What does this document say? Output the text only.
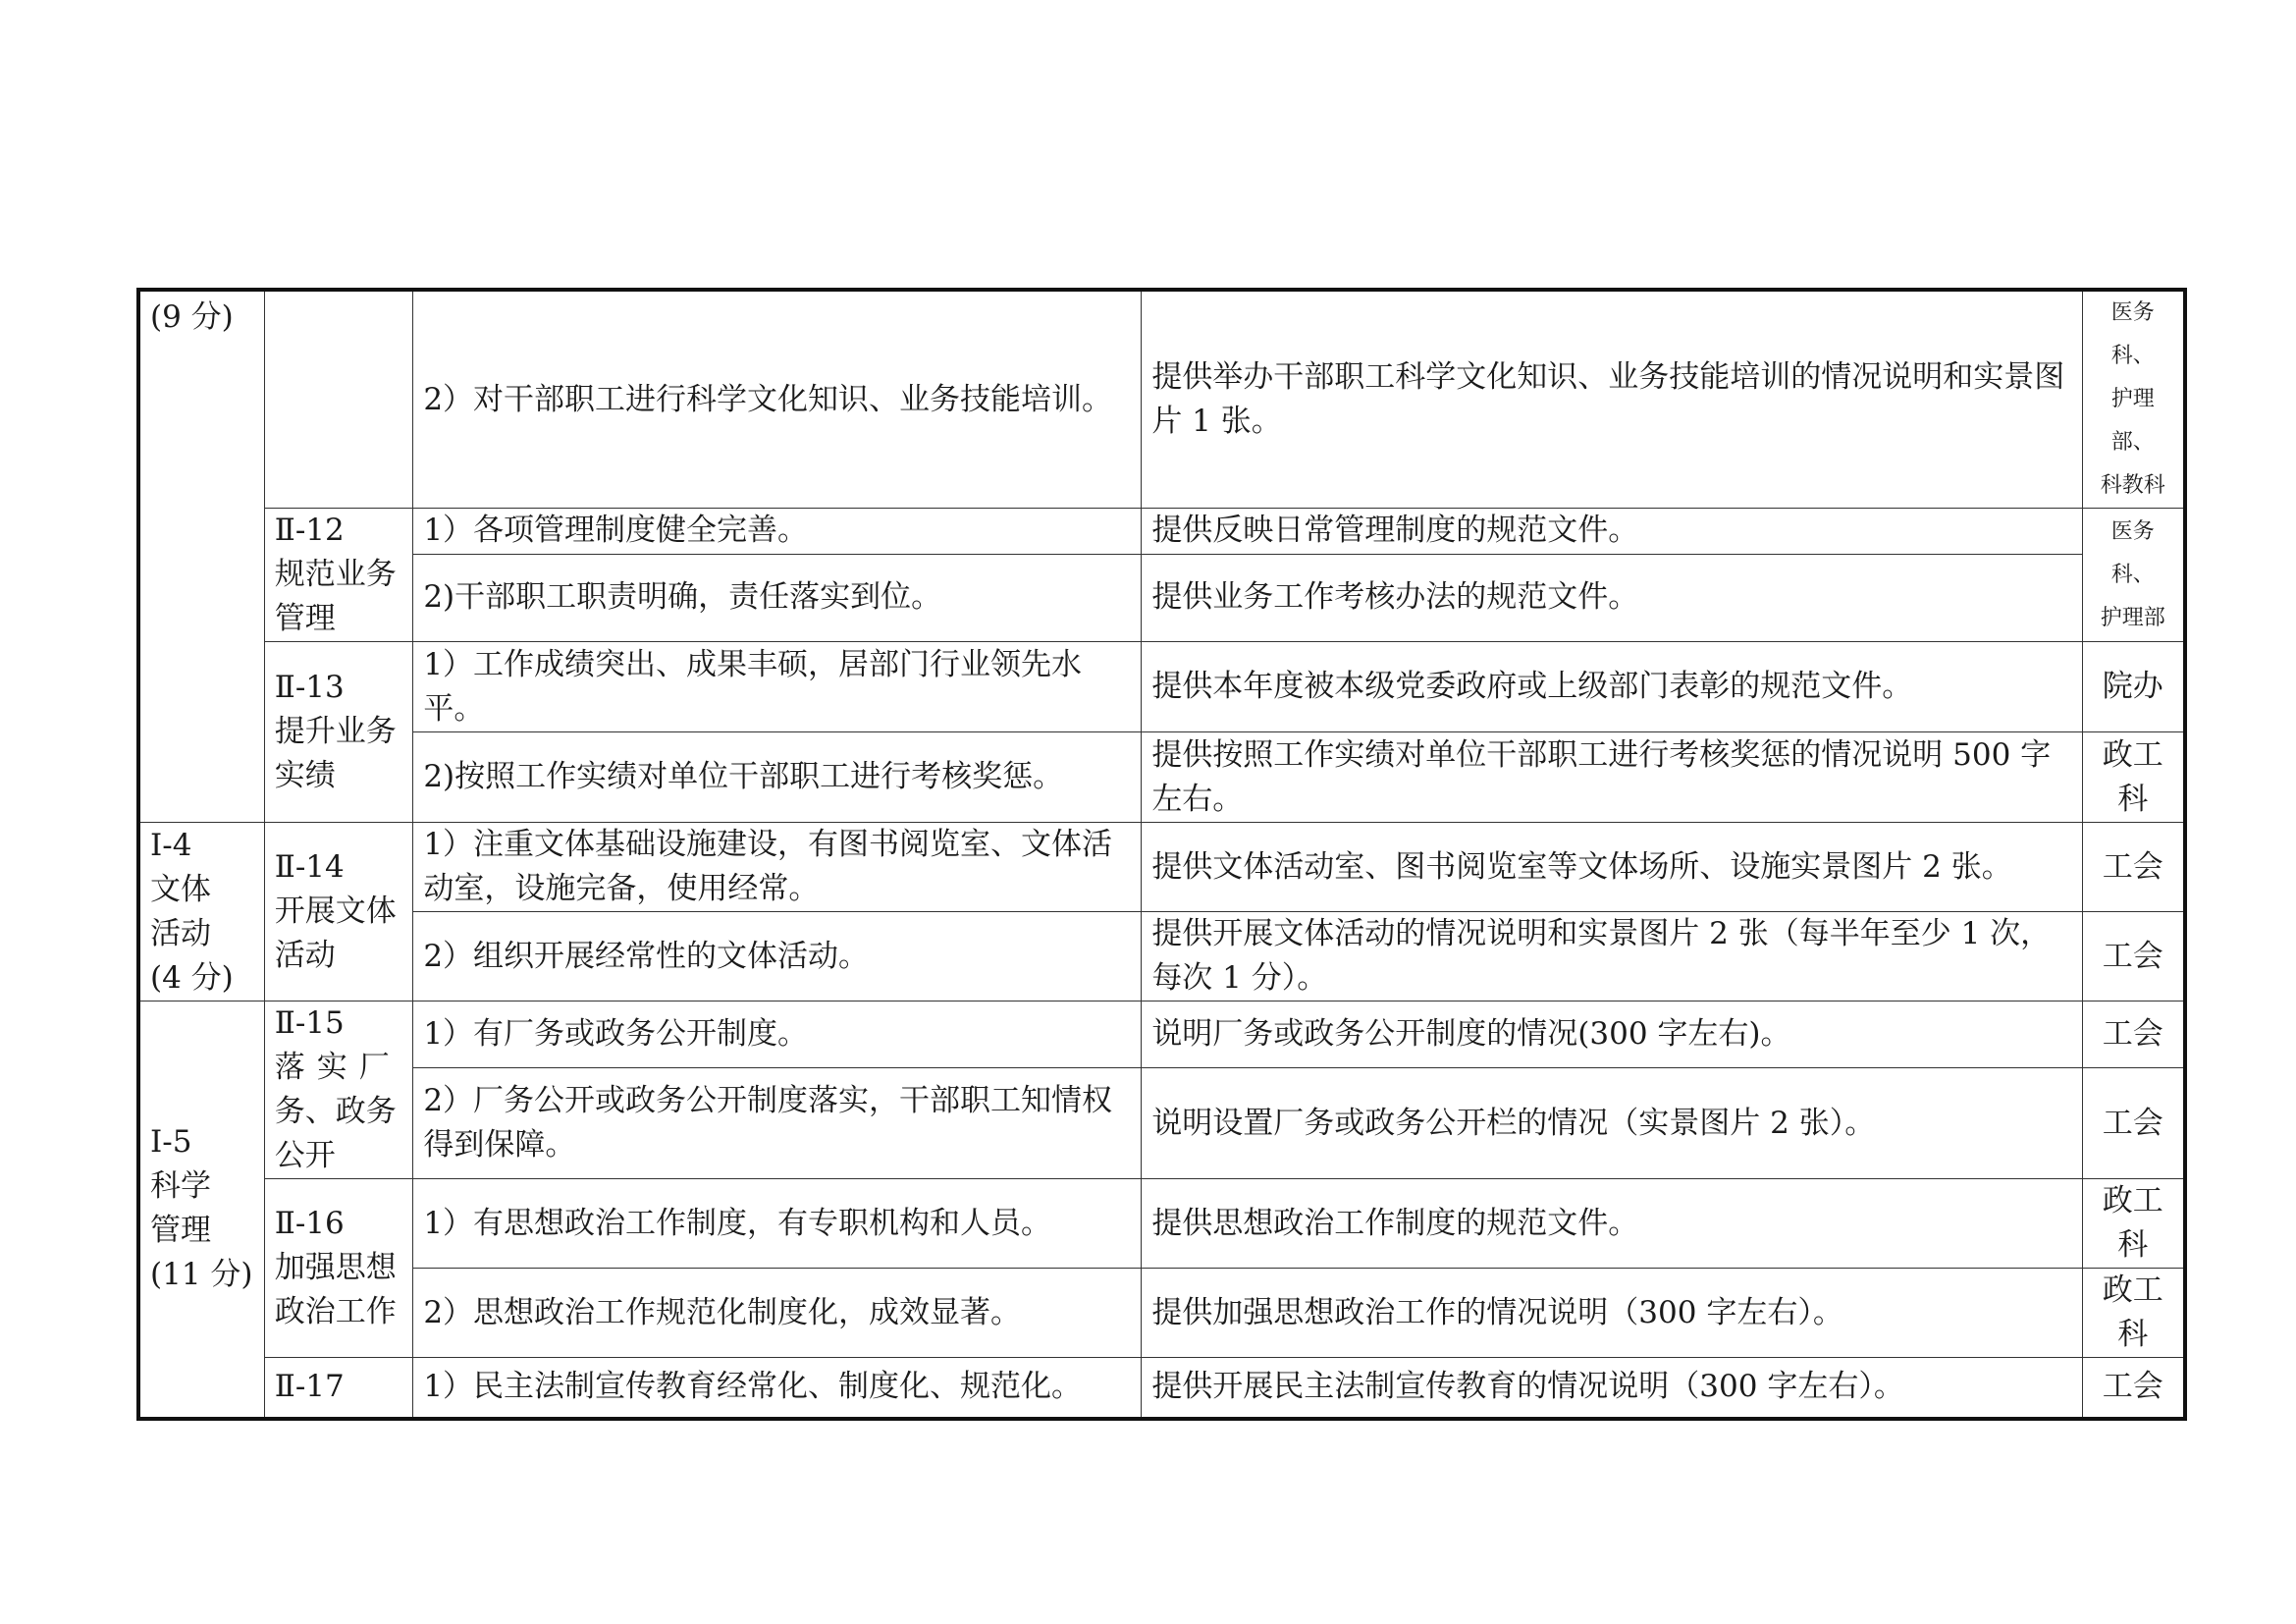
(9 分)		2）对干部职工进行科学文化知识、业务技能培训。	提供举办干部职工科学文化知识、业务技能培训的情况说明和实景图片 1 张。	医务科、
护理部、
科教科

	Ⅱ-12
规范业务
管理	1）各项管理制度健全完善。	提供反映日常管理制度的规范文件。	医务科、
护理部

		2)干部职工职责明确，责任落实到位。	提供业务工作考核办法的规范文件。	

	Ⅱ-13
提升业务
实绩	1）工作成绩突出、成果丰硕，居部门行业领先水平。	提供本年度被本级党委政府或上级部门表彰的规范文件。	院办

		2)按照工作实绩对单位干部职工进行考核奖惩。	提供按照工作实绩对单位干部职工进行考核奖惩的情况说明 500 字左右。	政工
科

Ⅰ-4
文体
活动
(4 分)	Ⅱ-14
开展文体
活动	1）注重文体基础设施建设，有图书阅览室、文体活动室，设施完备，使用经常。	提供文体活动室、图书阅览室等文体场所、设施实景图片 2 张。	工会

		2）组织开展经常性的文体活动。	提供开展文体活动的情况说明和实景图片 2 张（每半年至少 1 次，每次 1 分）。	工会

Ⅰ-5
科学
管理
(11 分)	Ⅱ-15
落实厂
务、政务
公开	1）有厂务或政务公开制度。	说明厂务或政务公开制度的情况(300 字左右)。	工会

		2）厂务公开或政务公开制度落实，干部职工知情权得到保障。	说明设置厂务或政务公开栏的情况（实景图片 2 张）。	工会

	Ⅱ-16
加强思想
政治工作	1）有思想政治工作制度，有专职机构和人员。	提供思想政治工作制度的规范文件。	政工
科

		2）思想政治工作规范化制度化，成效显著。	提供加强思想政治工作的情况说明（300 字左右）。	政工
科

	Ⅱ-17	1）民主法制宣传教育经常化、制度化、规范化。	提供开展民主法制宣传教育的情况说明（300 字左右）。	工会
